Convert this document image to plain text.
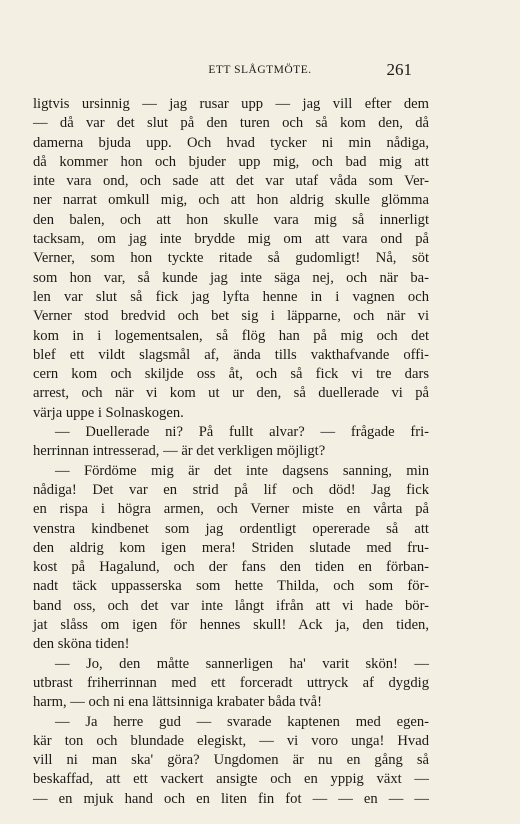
ETT SLÅGTMÖTE.	261
ligtvis ursinnig — jag rusar upp — jag vill efter dem
— då var det slut på den turen och så kom den, då
damerna bjuda upp. Och hvad tycker ni min nådiga,
då kommer hon och bjuder upp mig, och bad mig att
inte vara ond, och sade att det var utaf våda som Ver-
ner narrat omkull mig, och att hon aldrig skulle glömma
den balen, och att hon skulle vara mig så innerligt
tacksam, om jag inte brydde mig om att vara ond på
Verner, som hon tyckte ritade så gudomligt! Nå, söt
som hon var, så kunde jag inte säga nej, och när ba-
len var slut så fick jag lyfta henne in i vagnen och
Verner stod bredvid och bet sig i läpparne, och när vi
kom in i logementsalen, så flög han på mig och det
blef ett vildt slagsmål af, ända tills vakthafvande offi-
cern kom och skiljde oss åt, och så fick vi tre dars
arrest, och när vi kom ut ur den, så duellerade vi på
värja uppe i Solnaskogen.
— Duellerade ni? På fullt alvar? — frågade fri-
herrinnan intresserad, — är det verkligen möjligt?
— Fördöme mig är det inte dagsens sanning, min
nådiga! Det var en strid på lif och död! Jag fick
en rispa i högra armen, och Verner miste en vårta på
venstra kindbenet som jag ordentligt opererade så att
den aldrig kom igen mera! Striden slutade med fru-
kost på Hagalund, och der fans den tiden en förban-
nadt täck uppasserska som hette Thilda, och som för-
band oss, och det var inte långt ifrån att vi hade bör-
jat slåss om igen för hennes skull! Ack ja, den tiden,
den sköna tiden!
— Jo, den måtte sannerligen ha' varit skön! —
utbrast friherrinnan med ett forceradt uttryck af dygdig
harm, — och ni ena lättsinniga krabater båda två!
— Ja herre gud — svarade kaptenen med egen-
kär ton och blundade elegiskt, — vi voro unga! Hvad
vill ni man ska' göra? Ungdomen är nu en gång så
beskaffad, att ett vackert ansigte och en yppig växt —
— en mjuk hand och en liten fin fot — — en — —
